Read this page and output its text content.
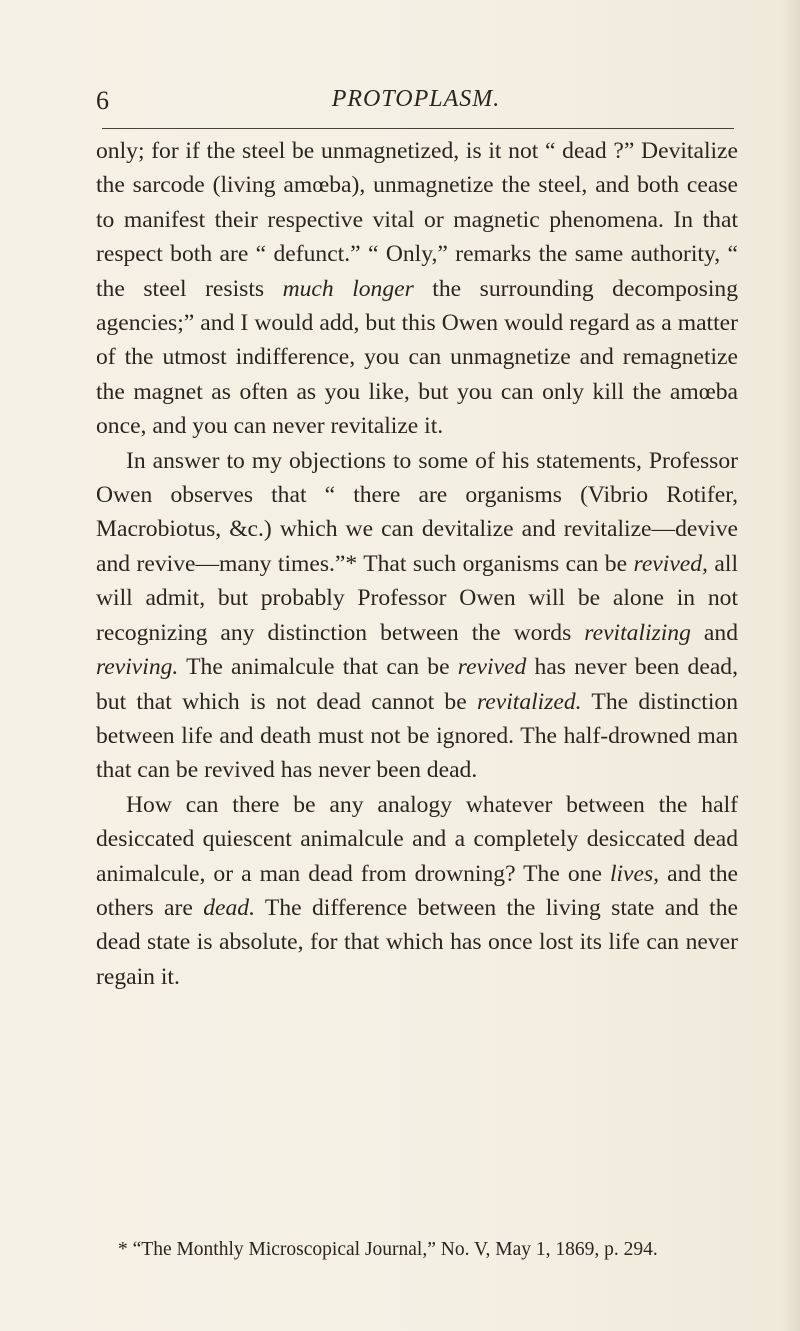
6	PROTOPLASM.

only; for if the steel be unmagnetized, is it not “ dead ?” Devitalize the sarcode (living amœba), unmagnetize the steel, and both cease to manifest their respective vital or magnetic phenomena. In that respect both are “ defunct.” “ Only,” remarks the same authority, “ the steel resists much longer the surrounding decomposing agencies;” and I would add, but this Owen would regard as a matter of the utmost indifference, you can unmagnetize and remagnetize the magnet as often as you like, but you can only kill the amœba once, and you can never revitalize it.

In answer to my objections to some of his statements, Professor Owen observes that “ there are organisms (Vibrio Rotifer, Macrobiotus, &c.) which we can devitalize and revitalize—devive and revive—many times.”* That such organisms can be revived, all will admit, but probably Professor Owen will be alone in not recognizing any distinction between the words revitalizing and reviving. The animalcule that can be revived has never been dead, but that which is not dead cannot be revitalized. The distinction between life and death must not be ignored. The half-drowned man that can be revived has never been dead.

How can there be any analogy whatever between the half desiccated quiescent animalcule and a completely desiccated dead animalcule, or a man dead from drowning? The one lives, and the others are dead. The difference between the living state and the dead state is absolute, for that which has once lost its life can never regain it.

* “The Monthly Microscopical Journal,” No. V, May 1, 1869, p. 294.
